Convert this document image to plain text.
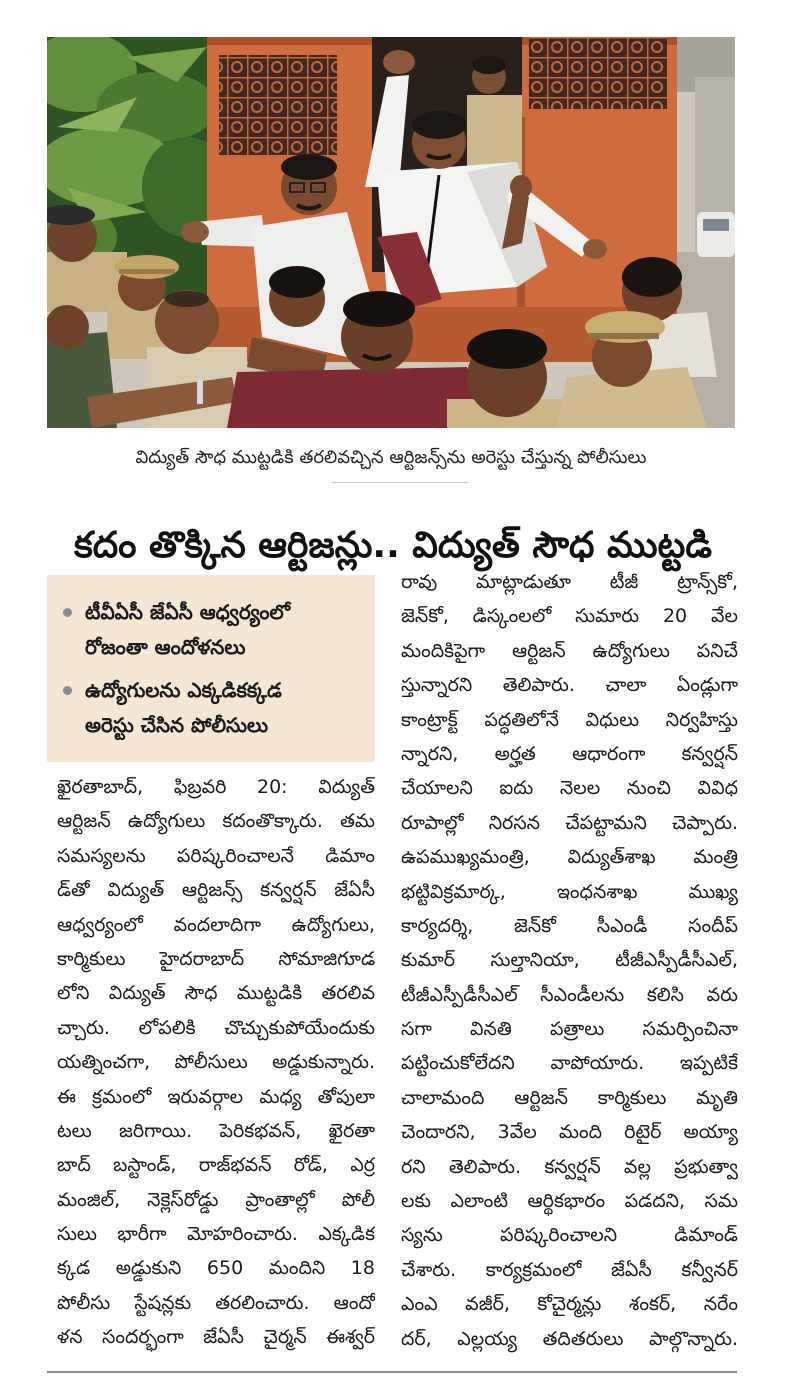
విద్యుత్ సౌధ ముట్టడికి తరలివచ్చిన ఆర్టిజన్స్‌ను అరెస్టు చేస్తున్న పోలీసులు
కదం తొక్కిన ఆర్టిజన్లు.. విద్యుత్ సౌధ ముట్టడి
టీవీఏసీ జేఏసీ ఆధ్వర్యంలో
రోజంతా ఆందోళనలు
ఉద్యోగులను ఎక్కడికక్కడ
అరెస్టు చేసిన పోలీసులు
ఖైరతాబాద్, ఫిబ్రవరి 20: విద్యుత్
ఆర్టిజన్ ఉద్యోగులు కదంతొక్కారు. తమ
సమస్యలను పరిష్కరించాలనే డిమాం
డ్‌తో విద్యుత్ ఆర్టిజన్స్ కన్వర్షన్ జేఏసీ
ఆధ్వర్యంలో వందలాదిగా ఉద్యోగులు,
కార్మికులు హైదరాబాద్ సోమాజిగూడ
లోని విద్యుత్ సౌధ ముట్టడికి తరలివ
చ్చారు. లోపలికి చొచ్చుకుపోయేందుకు
యత్నించగా, పోలీసులు అడ్డుకున్నారు.
ఈ క్రమంలో ఇరువర్గాల మధ్య తోపులా
టలు జరిగాయి. పెరికభవన్, ఖైరతా
బాద్ బస్టాండ్, రాజ్‌భవన్ రోడ్, ఎర్ర
మంజిల్, నెక్లెస్‌రోడ్డు ప్రాంతాల్లో పోలీ
సులు భారీగా మోహరించారు. ఎక్కడిక
క్కడ అడ్డుకుని 650 మందిని 18
పోలీసు స్టేషన్లకు తరలించారు. ఆందో
ళన సందర్భంగా జేఏసీ చైర్మన్ ఈశ్వర్
రావు మాట్లాడుతూ టీజీ ట్రాన్స్‌కో,
జెన్‌కో, డిస్కంలలో సుమారు 20 వేల
మందికిపైగా ఆర్టిజన్ ఉద్యోగులు పనిచే
స్తున్నారని తెలిపారు. చాలా ఏండ్లుగా
కాంట్రాక్ట్ పద్ధతిలోనే విధులు నిర్వహిస్తు
న్నారని, అర్హత ఆధారంగా కన్వర్షన్
చేయాలని ఐదు నెలల నుంచి వివిధ
రూపాల్లో నిరసన చేపట్టామని చెప్పారు.
ఉపముఖ్యమంత్రి, విద్యుత్‌శాఖ మంత్రి
భట్టివిక్రమార్క, ఇంధనశాఖ ముఖ్య
కార్యదర్శి, జెన్‌కో సీఎండీ సందీప్
కుమార్ సుల్తానియా, టీజీఎస్పీడీసీఎల్,
టీజీఎస్పీడీసీఎల్ సీఎండీలను కలిసి వరు
సగా వినతి పత్రాలు సమర్పించినా
పట్టించుకోలేదని వాపోయారు. ఇప్పటికే
చాలామంది ఆర్టిజన్ కార్మికులు మృతి
చెందారని, 3వేల మంది రిటైర్ అయ్యా
రని తెలిపారు. కన్వర్షన్ వల్ల ప్రభుత్వా
లకు ఎలాంటి ఆర్థికభారం పడదని, సమ
స్యను పరిష్కరించాలని డిమాండ్
చేశారు. కార్యక్రమంలో జేఏసీ కన్వీనర్
ఎంఎ వజీర్, కోచైర్మన్లు శంకర్, నరేం
దర్, ఎల్లయ్య తదితరులు పాల్గొన్నారు.
